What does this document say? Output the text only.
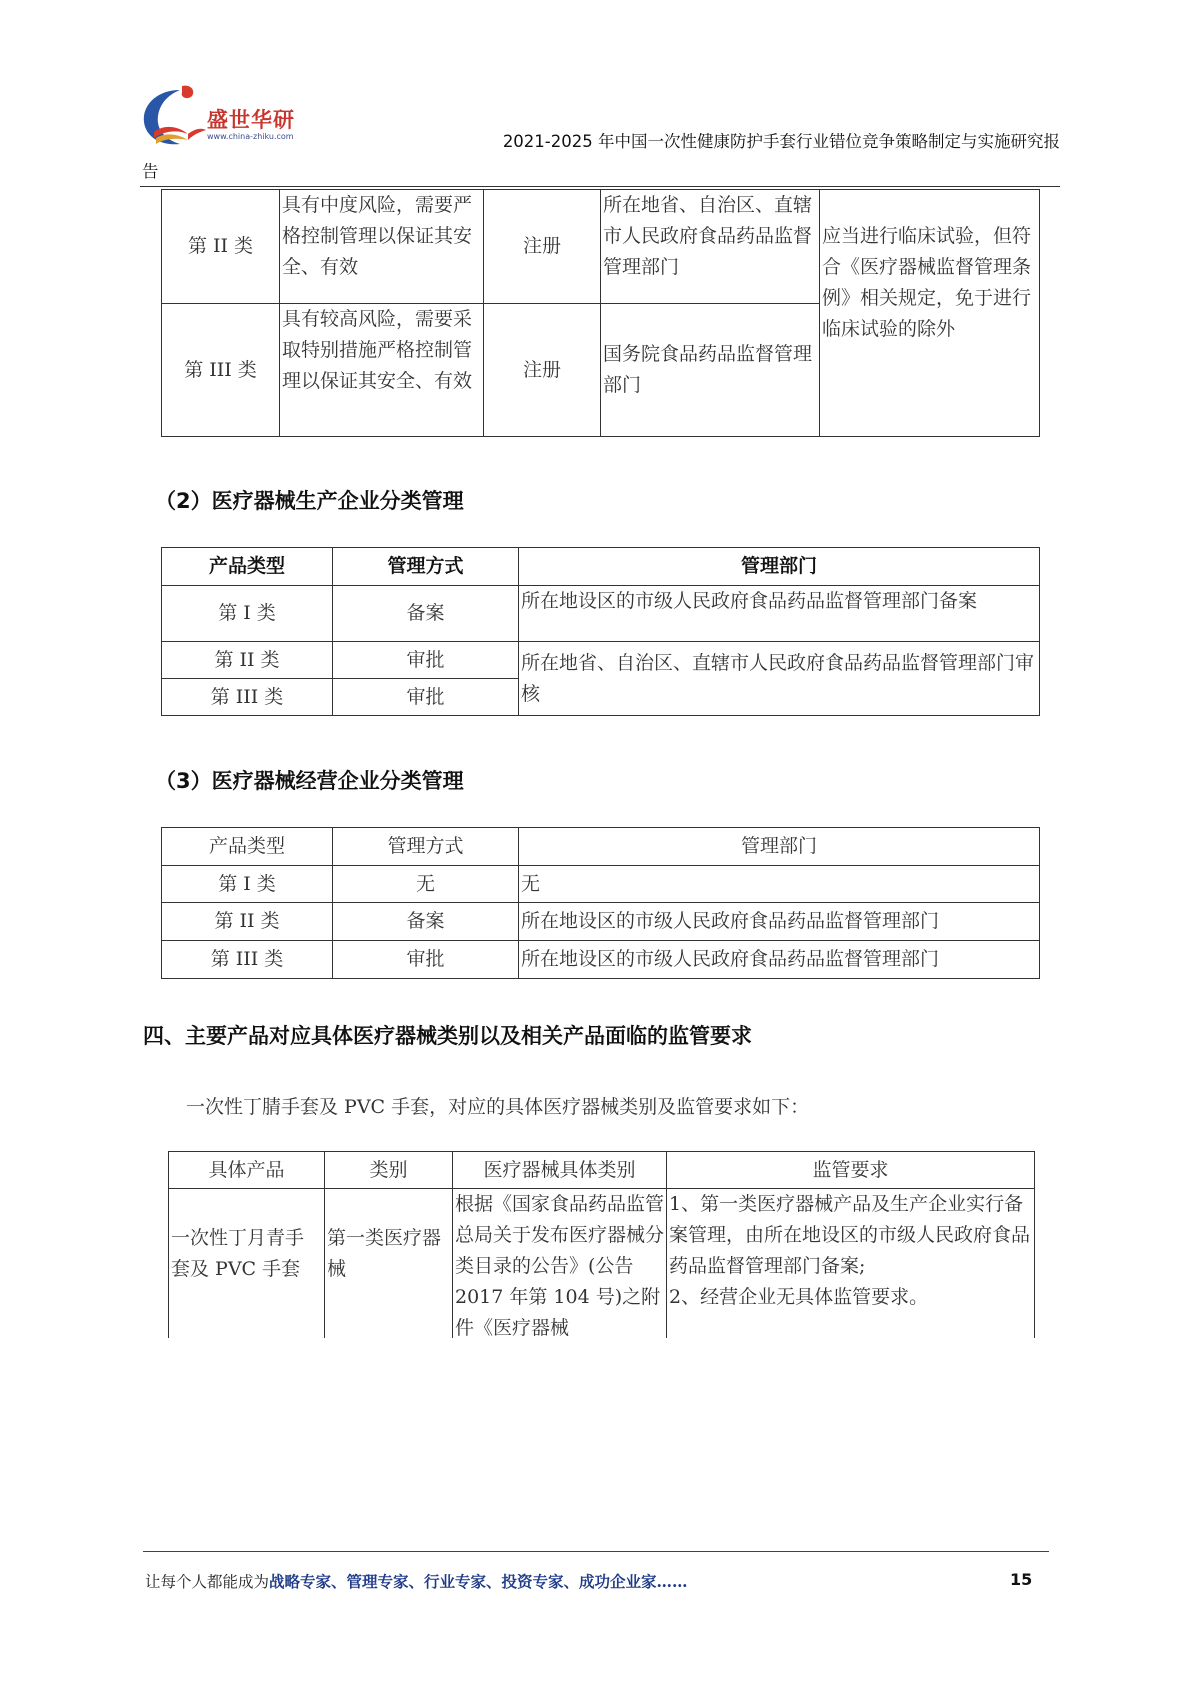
盛世华研
www.china-zhiku.com	2021-2025 年中国一次性健康防护手套行业错位竞争策略制定与实施研究报
告
第 II 类	具有中度风险，需要严格控制管理以保证其安全、有效	注册	所在地省、自治区、直辖市人民政府食品药品监督管理部门	应当进行临床试验，但符合《医疗器械监督管理条例》相关规定，免于进行临床试验的除外
第 III 类	具有较高风险，需要采取特别措施严格控制管理以保证其安全、有效	注册	国务院食品药品监督管理部门	
（2）医疗器械生产企业分类管理
产品类型	管理方式	管理部门
第 I 类	备案	所在地设区的市级人民政府食品药品监督管理部门备案
第 II 类	审批	所在地省、自治区、直辖市人民政府食品药品监督管理部门审核
第 III 类	审批	
（3）医疗器械经营企业分类管理
产品类型	管理方式	管理部门
第 I 类	无	无
第 II 类	备案	所在地设区的市级人民政府食品药品监督管理部门
第 III 类	审批	所在地设区的市级人民政府食品药品监督管理部门
四、主要产品对应具体医疗器械类别以及相关产品面临的监管要求
一次性丁腈手套及 PVC 手套，对应的具体医疗器械类别及监管要求如下：
具体产品	类别	医疗器械具体类别	监管要求
一次性丁月青手套及 PVC 手套	第一类医疗器械	根据《国家食品药品监管总局关于发布医疗器械分类目录的公告》(公告 2017 年第 104 号)之附件《医疗器械	1、第一类医疗器械产品及生产企业实行备案管理，由所在地设区的市级人民政府食品药品监督管理部门备案;
2、经营企业无具体监管要求。
让每个人都能成为战略专家、管理专家、行业专家、投资专家、成功企业家……	15
